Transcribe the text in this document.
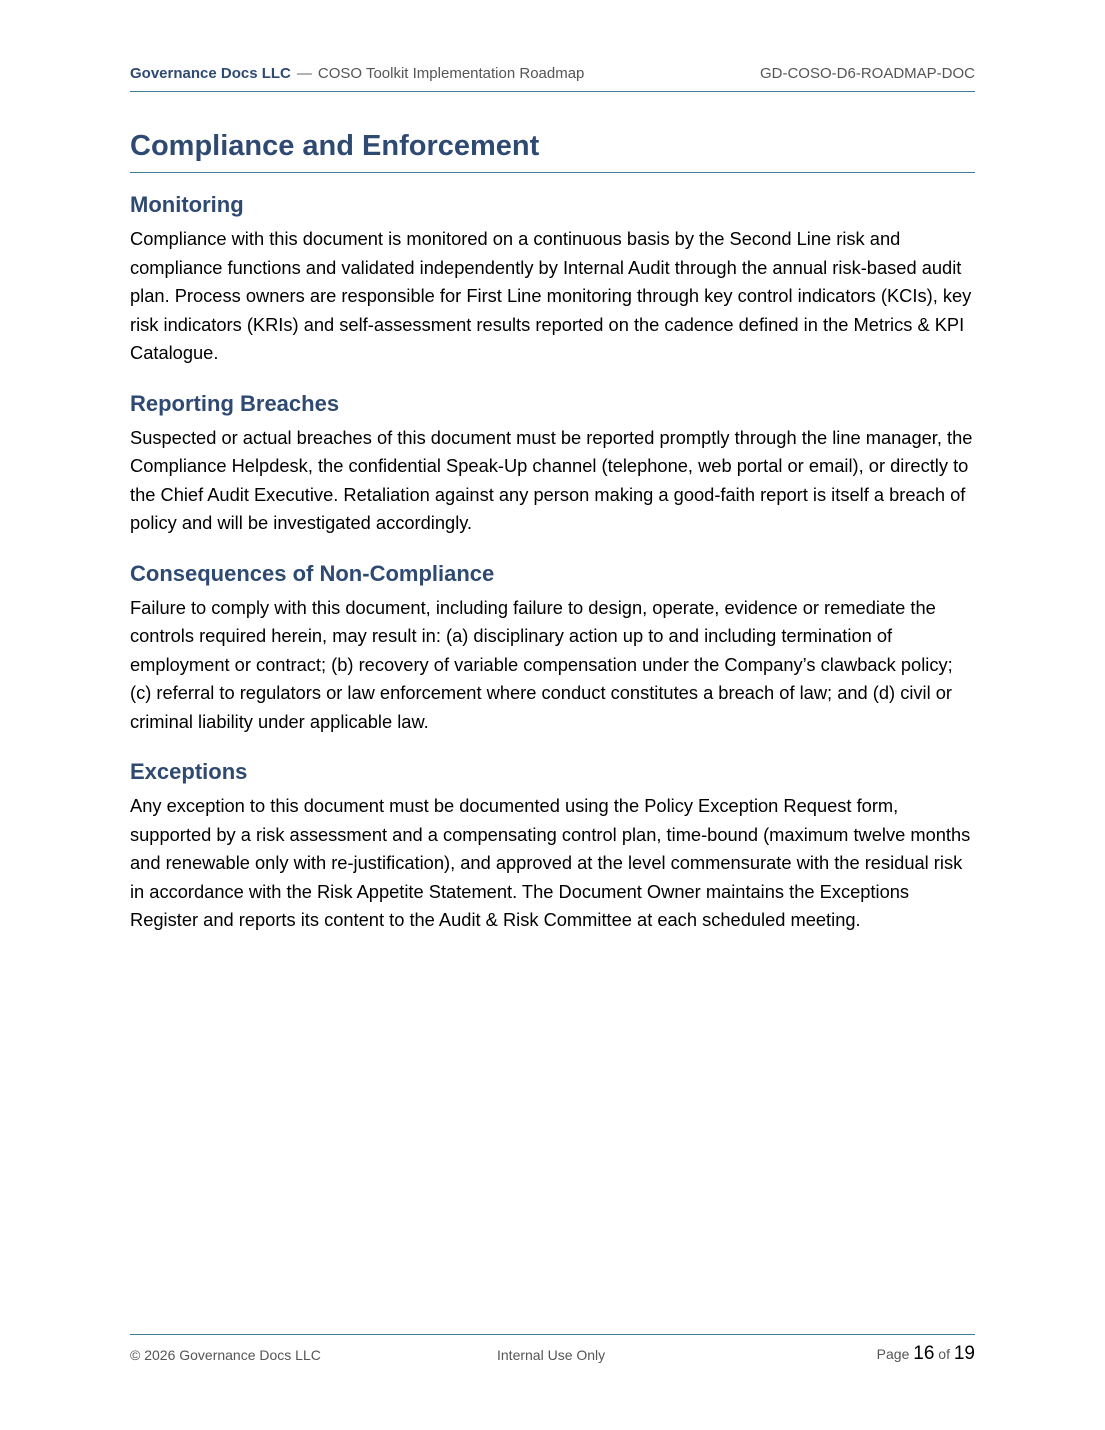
Governance Docs LLC — COSO Toolkit Implementation Roadmap	GD-COSO-D6-ROADMAP-DOC
Compliance and Enforcement
Monitoring

Compliance with this document is monitored on a continuous basis by the Second Line risk and compliance functions and validated independently by Internal Audit through the annual risk-based audit plan. Process owners are responsible for First Line monitoring through key control indicators (KCIs), key risk indicators (KRIs) and self-assessment results reported on the cadence defined in the Metrics & KPI Catalogue.

Reporting Breaches

Suspected or actual breaches of this document must be reported promptly through the line manager, the Compliance Helpdesk, the confidential Speak-Up channel (telephone, web portal or email), or directly to the Chief Audit Executive. Retaliation against any person making a good-faith report is itself a breach of policy and will be investigated accordingly.

Consequences of Non-Compliance

Failure to comply with this document, including failure to design, operate, evidence or remediate the controls required herein, may result in: (a) disciplinary action up to and including termination of employment or contract; (b) recovery of variable compensation under the Company’s clawback policy; (c) referral to regulators or law enforcement where conduct constitutes a breach of law; and (d) civil or criminal liability under applicable law.

Exceptions

Any exception to this document must be documented using the Policy Exception Request form, supported by a risk assessment and a compensating control plan, time-bound (maximum twelve months and renewable only with re-justification), and approved at the level commensurate with the residual risk in accordance with the Risk Appetite Statement. The Document Owner maintains the Exceptions Register and reports its content to the Audit & Risk Committee at each scheduled meeting.

© 2026 Governance Docs LLC	Internal Use Only	Page 16 of 19
